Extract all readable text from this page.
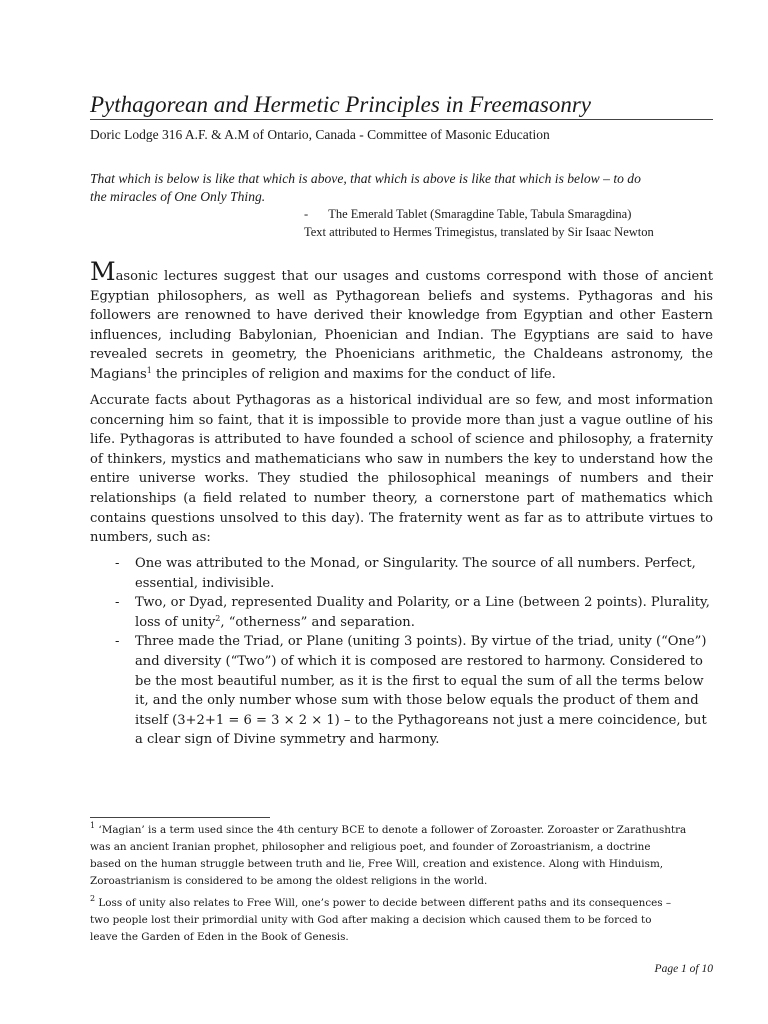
Pythagorean and Hermetic Principles in Freemasonry
Doric Lodge 316 A.F. & A.M of Ontario, Canada - Committee of Masonic Education
That which is below is like that which is above, that which is above is like that which is below – to do
the miracles of One Only Thing.
- The Emerald Tablet (Smaragdine Table, Tabula Smaragdina)
Text attributed to Hermes Trimegistus, translated by Sir Isaac Newton
Masonic lectures suggest that our usages and customs correspond with those of ancient Egyptian philosophers, as well as Pythagorean beliefs and systems. Pythagoras and his followers are renowned to have derived their knowledge from Egyptian and other Eastern influences, including Babylonian, Phoenician and Indian. The Egyptians are said to have revealed secrets in geometry, the Phoenicians arithmetic, the Chaldeans astronomy, the Magians$^1$ the principles of religion and maxims for the conduct of life.
Accurate facts about Pythagoras as a historical individual are so few, and most information concerning him so faint, that it is impossible to provide more than just a vague outline of his life. Pythagoras is attributed to have founded a school of science and philosophy, a fraternity of thinkers, mystics and mathematicians who saw in numbers the key to understand how the entire universe works. They studied the philosophical meanings of numbers and their relationships (a field related to number theory, a cornerstone part of mathematics which contains questions unsolved to this day). The fraternity went as far as to attribute virtues to numbers, such as:
- One was attributed to the Monad, or Singularity. The source of all numbers. Perfect, essential, indivisible.
- Two, or Dyad, represented Duality and Polarity, or a Line (between 2 points). Plurality, loss of unity$^2$, “otherness” and separation.
- Three made the Triad, or Plane (uniting 3 points). By virtue of the triad, unity (“One”) and diversity (“Two”) of which it is composed are restored to harmony. Considered to be the most beautiful number, as it is the first to equal the sum of all the terms below it, and the only number whose sum with those below equals the product of them and itself (3+2+1 = 6 = 3 × 2 × 1) – to the Pythagoreans not just a mere coincidence, but a clear sign of Divine symmetry and harmony.
$^1$ ‘Magian’ is a term used since the 4th century BCE to denote a follower of Zoroaster. Zoroaster or Zarathushtra
was an ancient Iranian prophet, philosopher and religious poet, and founder of Zoroastrianism, a doctrine
based on the human struggle between truth and lie, Free Will, creation and existence. Along with Hinduism,
Zoroastrianism is considered to be among the oldest religions in the world.
$^2$ Loss of unity also relates to Free Will, one’s power to decide between different paths and its consequences –
two people lost their primordial unity with God after making a decision which caused them to be forced to
leave the Garden of Eden in the Book of Genesis.
Page 1 of 10
